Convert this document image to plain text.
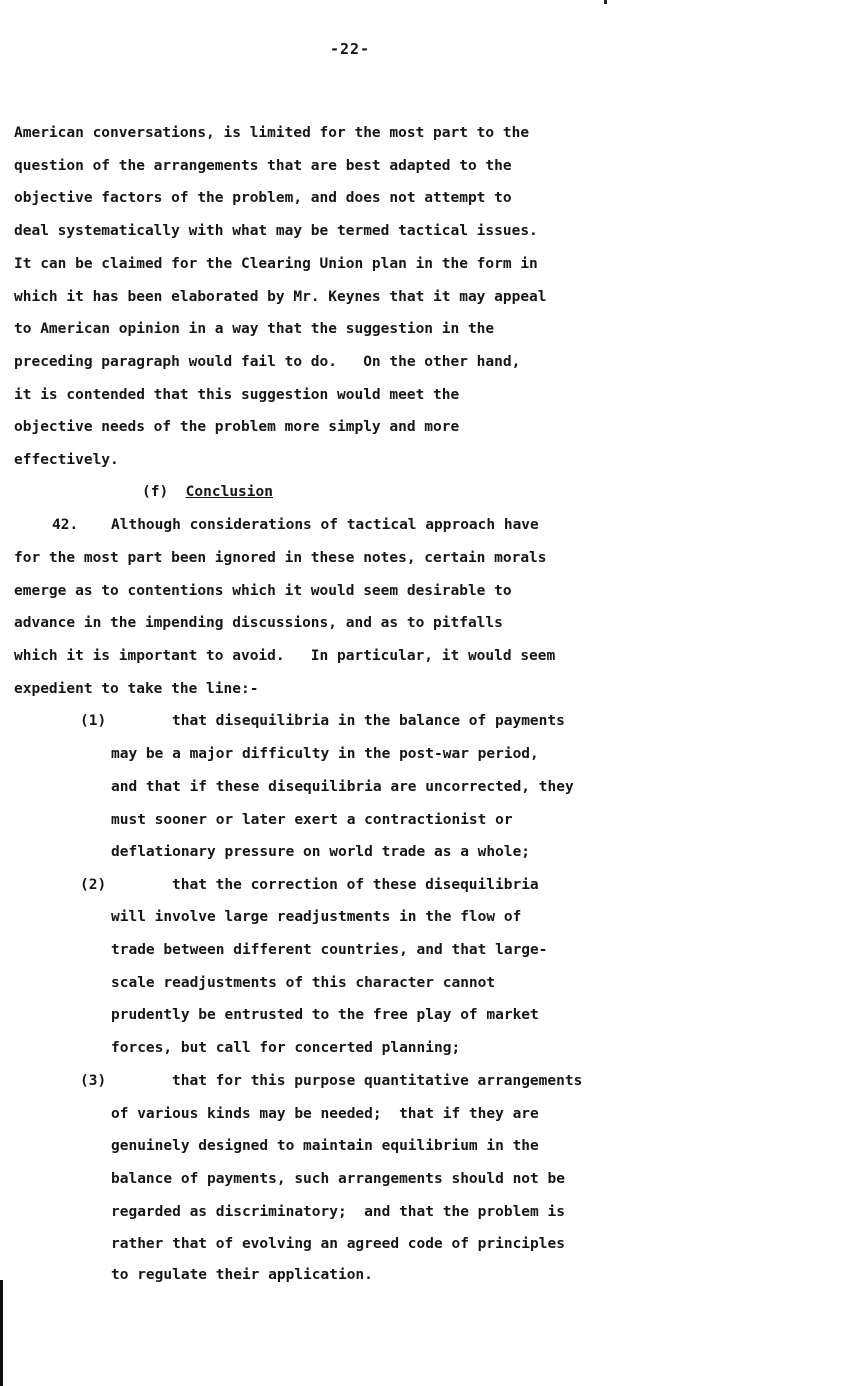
-22-
American conversations, is limited for the most part to the
question of the arrangements that are best adapted to the
objective factors of the problem, and does not attempt to
deal systematically with what may be termed tactical issues.
It can be claimed for the Clearing Union plan in the form in
which it has been elaborated by Mr. Keynes that it may appeal
to American opinion in a way that the suggestion in the
preceding paragraph would fail to do.   On the other hand,
it is contended that this suggestion would meet the
objective needs of the problem more simply and more
effectively.
(f) Conclusion
42. Although considerations of tactical approach have
for the most part been ignored in these notes, certain morals
emerge as to contentions which it would seem desirable to
advance in the impending discussions, and as to pitfalls
which it is important to avoid.   In particular, it would seem
expedient to take the line:-
(1)	that disequilibria in the balance of payments
may be a major difficulty in the post-war period,
and that if these disequilibria are uncorrected, they
must sooner or later exert a contractionist or
deflationary pressure on world trade as a whole;
(2)	that the correction of these disequilibria
will involve large readjustments in the flow of
trade between different countries, and that large-
scale readjustments of this character cannot
prudently be entrusted to the free play of market
forces, but call for concerted planning;
(3)	that for this purpose quantitative arrangements
of various kinds may be needed;  that if they are
genuinely designed to maintain equilibrium in the
balance of payments, such arrangements should not be
regarded as discriminatory;  and that the problem is
rather that of evolving an agreed code of principles
to regulate their application.
